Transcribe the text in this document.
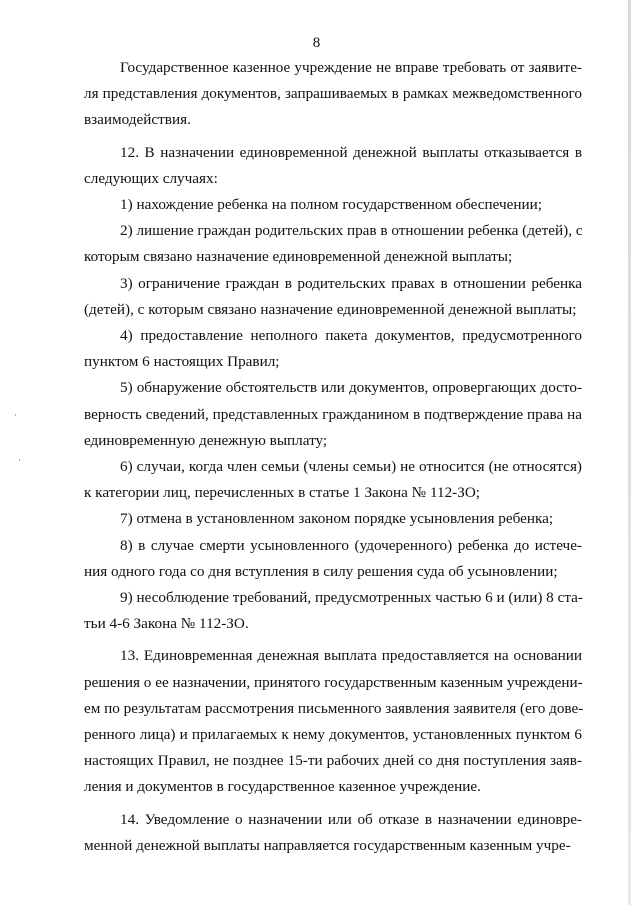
8
Государственное казенное учреждение не вправе требовать от заявите-
ля представления документов, запрашиваемых в рамках межведомственного
взаимодействия.
12. В назначении единовременной денежной выплаты отказывается в
следующих случаях:
1) нахождение ребенка на полном государственном обеспечении;
2) лишение граждан родительских прав в отношении ребенка (детей), с
которым связано назначение единовременной денежной выплаты;
3) ограничение граждан в родительских правах в отношении ребенка
(детей), с которым связано назначение единовременной денежной выплаты;
4) предоставление неполного пакета документов, предусмотренного
пунктом 6 настоящих Правил;
5) обнаружение обстоятельств или документов, опровергающих досто-
верность сведений, представленных гражданином в подтверждение права на
единовременную денежную выплату;
6) случаи, когда член семьи (члены семьи) не относится (не относятся)
к категории лиц, перечисленных в статье 1 Закона № 112-ЗО;
7) отмена в установленном законом порядке усыновления ребенка;
8) в случае смерти усыновленного (удочеренного) ребенка до истече-
ния одного года со дня вступления в силу решения суда об усыновлении;
9) несоблюдение требований, предусмотренных частью 6 и (или) 8 ста-
тьи 4-6 Закона № 112-ЗО.
13. Единовременная денежная выплата предоставляется на основании
решения о ее назначении, принятого государственным казенным учреждени-
ем по результатам рассмотрения письменного заявления заявителя (его дове-
ренного лица) и прилагаемых к нему документов, установленных пунктом 6
настоящих Правил, не позднее 15-ти рабочих дней со дня поступления заяв-
ления и документов в государственное казенное учреждение.
14. Уведомление о назначении или об отказе в назначении единовре-
менной денежной выплаты направляется государственным казенным учре-
·
·
